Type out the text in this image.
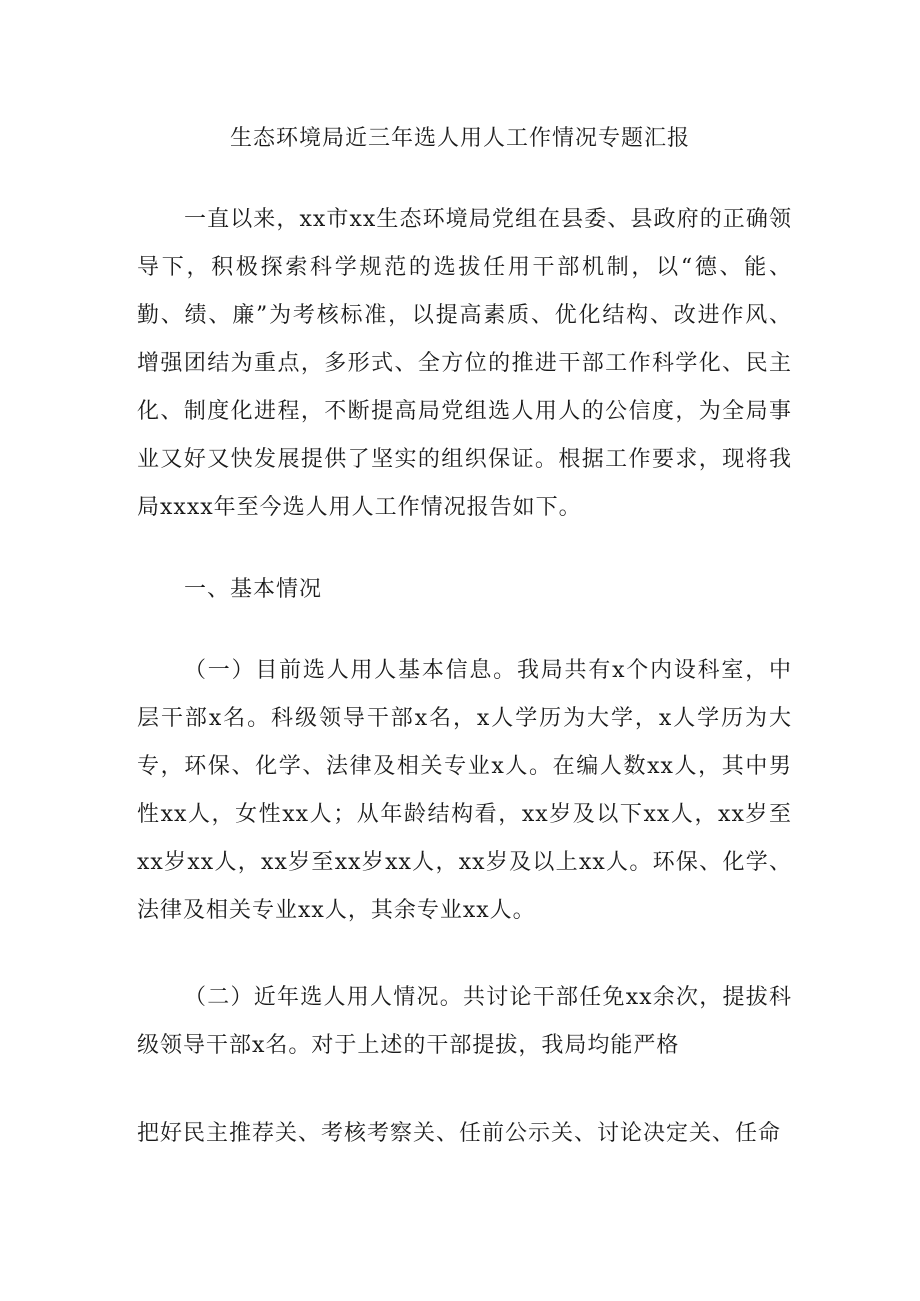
生态环境局近三年选人用人工作情况专题汇报

一直以来，xx市xx生态环境局党组在县委、县政府的正确领导下，积极探索科学规范的选拔任用干部机制，以“德、能、勤、绩、廉”为考核标准，以提高素质、优化结构、改进作风、增强团结为重点，多形式、全方位的推进干部工作科学化、民主化、制度化进程，不断提高局党组选人用人的公信度，为全局事业又好又快发展提供了坚实的组织保证。根据工作要求，现将我局xxxx年至今选人用人工作情况报告如下。

一、基本情况

（一）目前选人用人基本信息。我局共有x个内设科室，中层干部x名。科级领导干部x名，x人学历为大学，x人学历为大专，环保、化学、法律及相关专业x人。在编人数xx人，其中男性xx人，女性xx人；从年龄结构看，xx岁及以下xx人，xx岁至xx岁xx人，xx岁至xx岁xx人，xx岁及以上xx人。环保、化学、法律及相关专业xx人，其余专业xx人。

（二）近年选人用人情况。共讨论干部任免xx余次，提拔科级领导干部x名。对于上述的干部提拔，我局均能严格

把好民主推荐关、考核考察关、任前公示关、讨论决定关、任命
